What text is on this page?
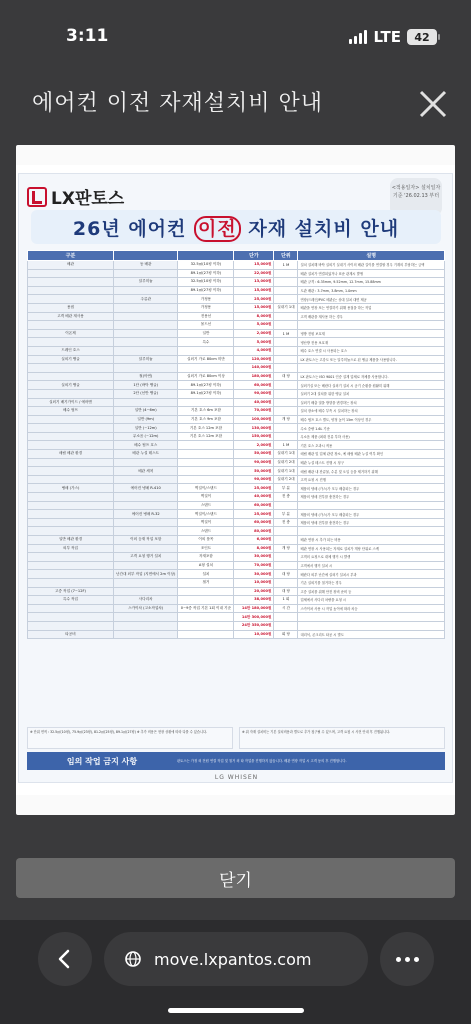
3:11	LTE	42
에어컨 이전 자재설치비 안내
LX판토스
<적용일자> 설치일자 기준 '26.02.13 부터
26년 에어컨 이전 자재 설치비 안내
구분			단가	단위	설명
배관	동 배관	32.5㎡(10평 이하)	15,000원	1 M	설치 설치해 바닥 실외기 실내기 사이의 배관 길이를 연결할 경우 기계의 부담하는 금액
		89.1㎡(27평 이하)	22,000원		배관 설치가 연결되었거나 표준 관계시 발생
	알루미늄	32.5㎡(10평 이하)	13,000원		배관 규격 : 6.35mm, 9.52mm, 12.7mm, 15.88mm
		89.1㎡(27평 이하)	15,000원		도관 배관 : 3.7mm, 3.8mm, 1.0mm
	주름관	가정용	25,000원		연장(드레인/PVC 배관)는 상대 설치 대면 제공
용접		가정용	15,000원	실내기 1대	배관을 연장 또는 연결하기 위해 용접을 하는 작업
고객 배관 재사용		전용선	8,000원		고객 배관을 재사용 하는 경우
		몰드선	5,000원		
이온제		일반	2,000원	1 M	냉방 전원 보호재
		특수	5,000원		냉난방 전용 보호재
드레인 호스			4,000원		배수 호스 연결 시 사용되는 호스
실외기 앵글	알루미늄	실외기 가로 80cm 미만	120,000원		LX 판토스는 고강도 또는 알루미늄으로 된 앵글 제품을 사용합니다.
			140,000원		
	철(아연)	실외기 가로 80cm 이상	180,000원	대 당	LX 판토스는 ISO 9001 인증 설계 업체로 자체를 사용합니다.
실외기 앵글	1단 (바닥 앵글)	89.1㎡(27평 이하)	60,000원		실외기실 또는 베란다 실외기 설치 시 공기 순환을 원활히 위해
	2단 (선반 앵글)	89.1㎡(27평 이하)	90,000원		실외기 2대 설치를 위한 앵글 설치
실외기 배기가이드 / 에어맨			40,000원		실외기 배출 열을 방향을 변경하는 장치
배수 펌프	일반 (4~6m)	기본 호스 6m 포함	70,000원		설치 장소에 배수 부족 시 설치하는 장치
	일반 (9m)	기본 호스 9m 포함	100,000원	개 당	배수 펌프 호스 별도, 양정 높이 15m 이상인 경우
	일반 (~12m)	기본 호스 12m 포함	130,000원		수소 중량 1.6L 기준
	무소음 (~12m)	기본 호스 12m 포함	150,000원		무소음 제품 (최대 전류 부하 사용)
	배수 펌프 호스		2,000원	1 M	기본 호스 초과시 적용
매립 배관 환경	배관 누설 테스트		50,000원	실내기 1대	매립 배관 및 업체 관련 장소, 예 매립 배관 누설 여부 확인
			90,000원	실내기 2대	배관 누설 테스트 진행 시 청구
	배관 세척		50,000원	실내기 1대	매립 배관 내 잔류물, 수분 및 오일 등을 제거하기 위해
			90,000원	실내기 2대	고객 요청 시 진행
냉매 (가스)	에어컨 냉매 R-410	벽걸이/스탠드	25,000원	부 분	제품의 냉매 (가스)가 모두 배출되는 경우
		벽걸이	40,000원	전 충	제품의 냉매 전부를 충전하는 경우
		스탠드	60,000원		
	에어컨 냉매 R-32	벽걸이/스탠드	25,000원	부 분	제품의 냉매 (가스)가 모두 배출되는 경우
		벽걸이	60,000원	전 충	제품의 냉매 전부를 충전하는 경우
		스탠드	80,000원		
일반 배관 환경	이외 등재 작업 포함	이외 품목	6,000원		배관 연장 시 추가 되는 비용
외부 작업		조인트	8,000원	개 당	배관 연장 시 사용되는 자재로 설치가 개당 단위로 스케
	고객 요청 행거 설치	자재포함	30,000원		고객의 요청으로 대체 행거 시 발생
		A형 설치	70,000원		고객에서 행거 설치 시
	난간대 외부 작업 (지면에서 2m 이상)	설치	30,000원	대 당	베란다 외부 난간에 실외기 설치시 부과
		철거	10,000원		기존 실외기를 철거하는 경우
고층 작업 (7~12F)			20,000원	대 당	고층 설치를 위해 안전 장비 준비 등
특수 작업	사다리차		38,000원	1 회	업체에서 사다리 차량을 요청 시
	스카이차 (고소작업차)	0~9층 작업 기본 1회 이내 기준	14만 180,000원	시 간	스카이차 사용 시 작업 높이에 따라 차등
			14만 300,000원		
			24만 350,000원		
타공비			10,000원	회 당	대리석, 콘크리트 타공 시 별도
※ 단위 면적 : 32.5㎡(10평), 75.9㎡(23평), 81.2㎡(25평), 89.1㎡(27평) ※ 추가 비용은 현장 상황에 따라 다를 수 있습니다.	※ 위 자재 설치비는 기본 설치비용과 별도로 추가 청구될 수 있으며, 고객 요청 시 사전 안내 후 진행됩니다.
임의 작업 금지 사항	판토스는 가정 외 전원 연결 작업 및 철거 외 타 작업을 진행하지 않습니다. 배관 연장 작업 시 고객 동의 후 진행합니다.
LG WHISEN
닫기
move.lxpantos.com
